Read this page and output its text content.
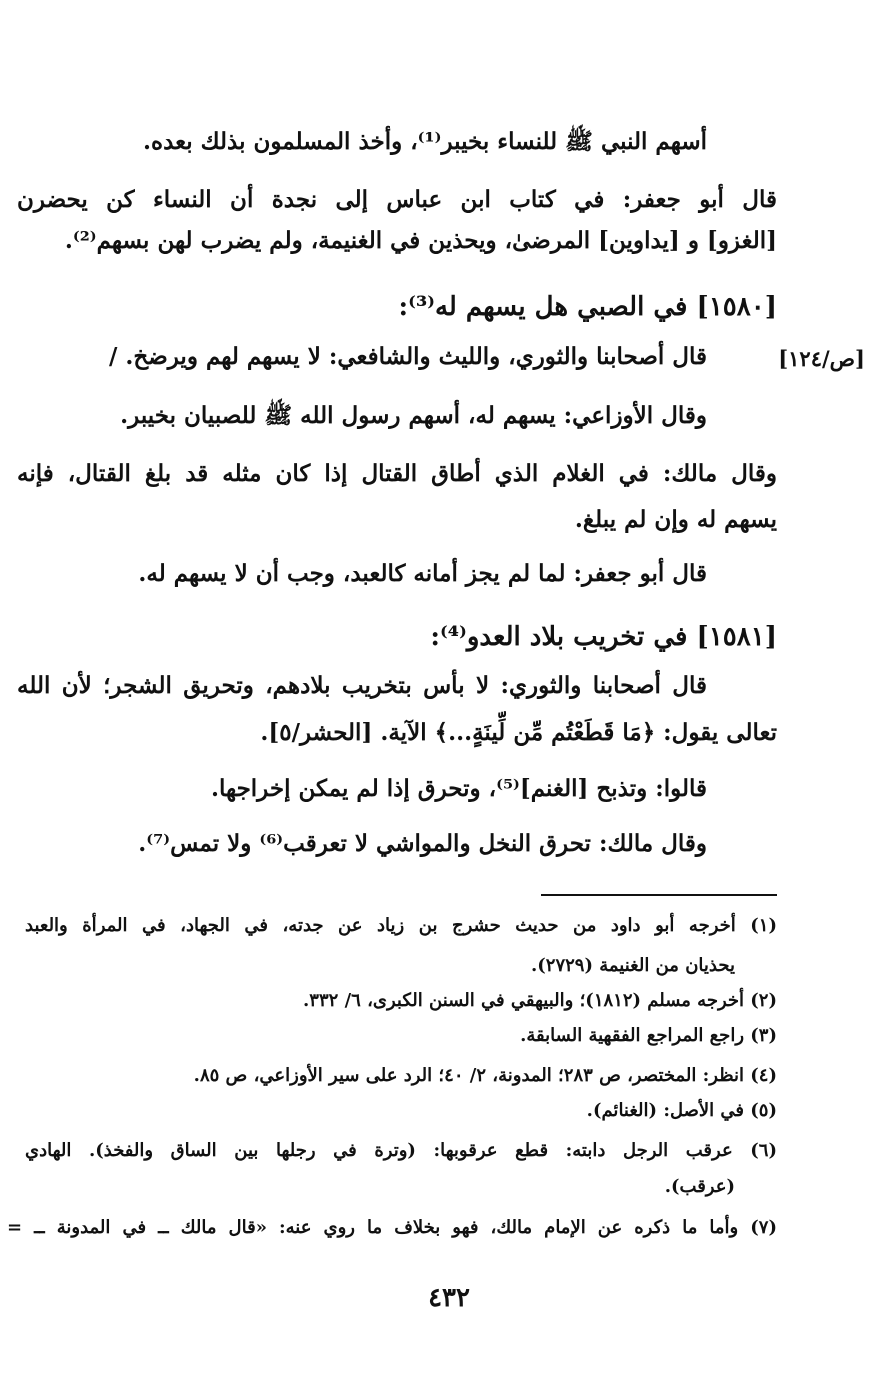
أسهم النبي ﷺ للنساء بخيبر⁽¹⁾، وأخذ المسلمون بذلك بعده.
قال أبو جعفر: في كتاب ابن عباس إلى نجدة أن النساء كن يحضرن
[الغزو] و [يداوين] المرضىٰ، ويحذين في الغنيمة، ولم يضرب لهن بسهم⁽²⁾.
[١٥٨٠] في الصبي هل يسهم له⁽³⁾:
[ص/١٢٤]
قال أصحابنا والثوري، والليث والشافعي: لا يسهم لهم ويرضخ. /
وقال الأوزاعي: يسهم له، أسهم رسول الله ﷺ للصبيان بخيبر.
وقال مالك: في الغلام الذي أطاق القتال إذا كان مثله قد بلغ القتال، فإنه
يسهم له وإن لم يبلغ.
قال أبو جعفر: لما لم يجز أمانه كالعبد، وجب أن لا يسهم له.
[١٥٨١] في تخريب بلاد العدو⁽⁴⁾:
قال أصحابنا والثوري: لا بأس بتخريب بلادهم، وتحريق الشجر؛ لأن الله
تعالى يقول: ﴿مَا قَطَعْتُم مِّن لِّينَةٍ...﴾ الآية. [الحشر/٥].
قالوا: وتذبح [الغنم]⁽⁵⁾، وتحرق إذا لم يمكن إخراجها.
وقال مالك: تحرق النخل والمواشي لا تعرقب⁽⁶⁾ ولا تمس⁽⁷⁾.
(١) أخرجه أبو داود من حديث حشرج بن زياد عن جدته، في الجهاد، في المرأة والعبد
يحذيان من الغنيمة (٢٧٢٩).
(٢) أخرجه مسلم (١٨١٢)؛ والبيهقي في السنن الكبرى، ٦/ ٣٣٢.
(٣) راجع المراجع الفقهية السابقة.
(٤) انظر: المختصر، ص ٢٨٣؛ المدونة، ٢/ ٤٠؛ الرد على سير الأوزاعي، ص ٨٥.
(٥) في الأصل: (الغنائم).
(٦) عرقب الرجل دابته: قطع عرقوبها: (وترة في رجلها بين الساق والفخذ). الهادي
(عرقب).
(٧) وأما ما ذكره عن الإمام مالك، فهو بخلاف ما روي عنه: «قال مالك ــ في المدونة ــ =
٤٣٢
